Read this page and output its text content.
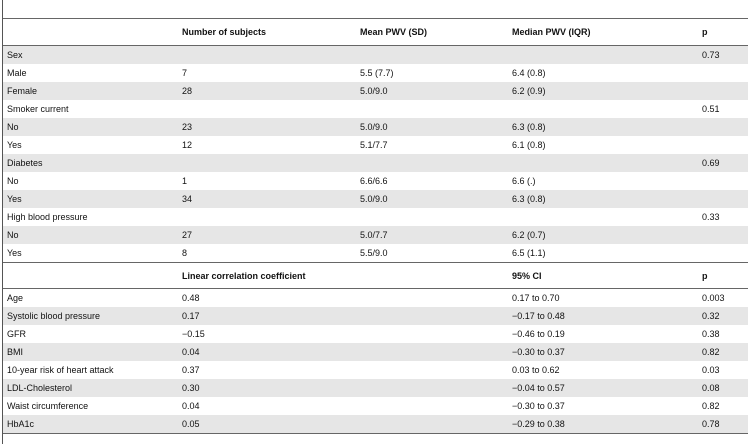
	Number of subjects	Mean PWV (SD)	Median PWV (IQR)	p
Sex				0.73
Male	7	5.5 (7.7)	6.4 (0.8)	
Female	28	5.0/9.0	6.2 (0.9)	
Smoker current				0.51
No	23	5.0/9.0	6.3 (0.8)	
Yes	12	5.1/7.7	6.1 (0.8)	
Diabetes				0.69
No	1	6.6/6.6	6.6 (.)	
Yes	34	5.0/9.0	6.3 (0.8)	
High blood pressure				0.33
No	27	5.0/7.7	6.2 (0.7)	
Yes	8	5.5/9.0	6.5 (1.1)	
	Linear correlation coefficient		95% CI	p
Age	0.48		0.17 to 0.70	0.003
Systolic blood pressure	0.17		−0.17 to 0.48	0.32
GFR	−0.15		−0.46 to 0.19	0.38
BMI	0.04		−0.30 to 0.37	0.82
10-year risk of heart attack	0.37		0.03 to 0.62	0.03
LDL-Cholesterol	0.30		−0.04 to 0.57	0.08
Waist circumference	0.04		−0.30 to 0.37	0.82
HbA1c	0.05		−0.29 to 0.38	0.78
